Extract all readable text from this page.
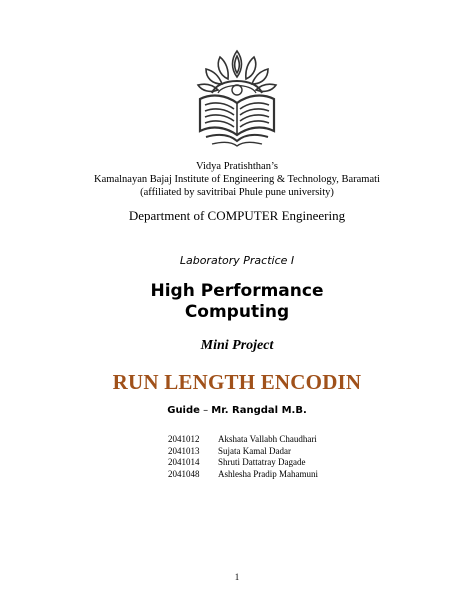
Vidya Pratishthan’s
Kamalnayan Bajaj Institute of Engineering & Technology, Baramati
(affiliated by savitribai Phule pune university)
Department of COMPUTER Engineering
Laboratory Practice I
High Performance
Computing
Mini Project
RUN LENGTH ENCODIN
Guide – Mr. Rangdal M.B.
2041012	Akshata Vallabh Chaudhari
2041013	Sujata Kamal Dadar
2041014	Shruti Dattatray Dagade
2041048	Ashlesha Pradip Mahamuni
1
